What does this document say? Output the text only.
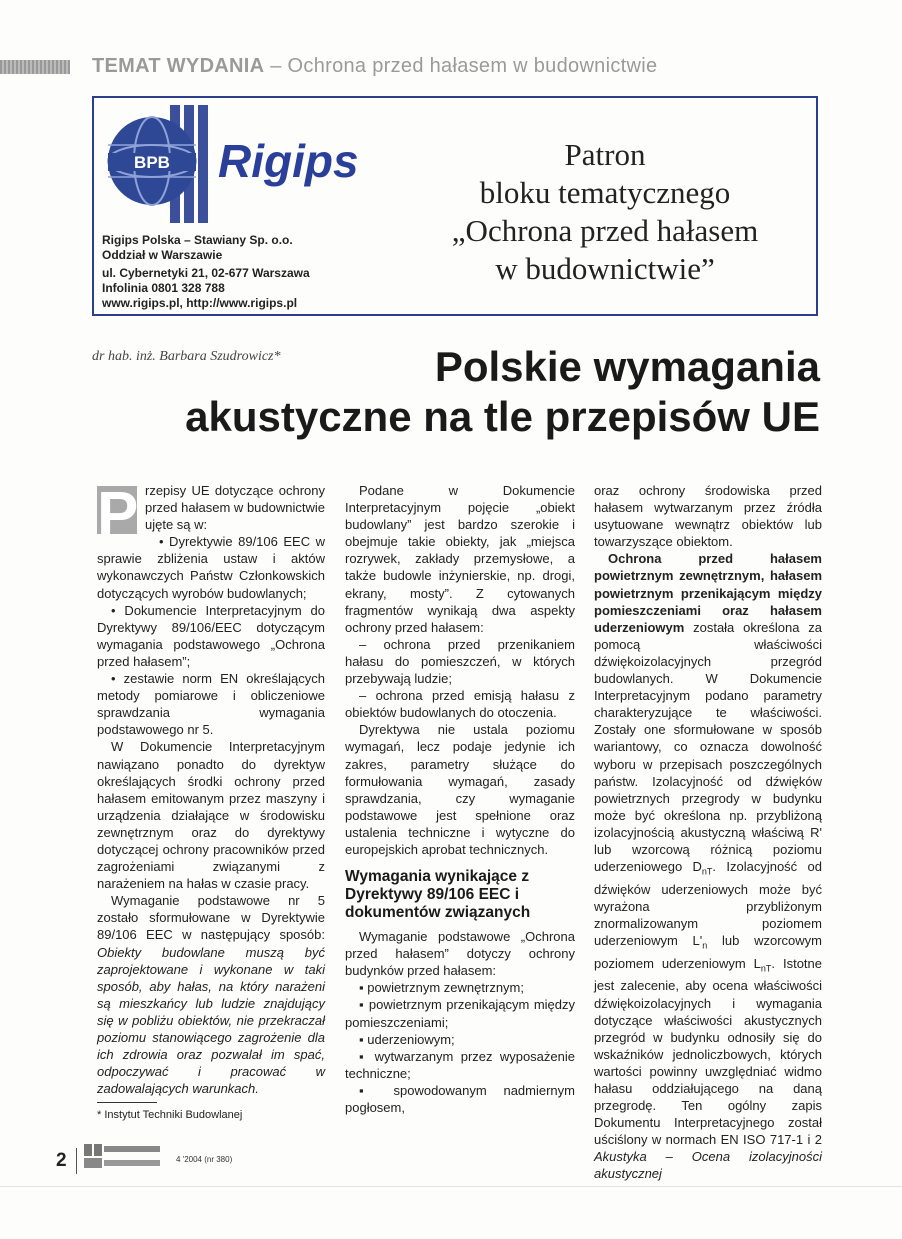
TEMAT WYDANIA – Ochrona przed hałasem w budownictwie
BPB Rigips
Rigips Polska – Stawiany Sp. o.o.
Oddział w Warszawie
ul. Cybernetyki 21, 02-677 Warszawa
Infolinia 0801 328 788
www.rigips.pl, http://www.rigips.pl
Patron
bloku tematycznego
„Ochrona przed hałasem
w budownictwie”
dr hab. inż. Barbara Szudrowicz*	Polskie wymagania
akustyczne na tle przepisów UE
P rzepisy UE dotyczące ochrony przed hałasem w budownictwie ujęte są w:

• Dyrektywie 89/106 EEC w sprawie zbliżenia ustaw i aktów wykonawczych Państw Członkowskich dotyczących wyrobów budowlanych;

• Dokumencie Interpretacyjnym do Dyrektywy 89/106/EEC dotyczącym wymagania podstawowego „Ochrona przed hałasem”;

• zestawie norm EN określających metody pomiarowe i obliczeniowe sprawdzania wymagania podstawowego nr 5.

W Dokumencie Interpretacyjnym nawiązano ponadto do dyrektyw określających środki ochrony przed hałasem emitowanym przez maszyny i urządzenia działające w środowisku zewnętrznym oraz do dyrektywy dotyczącej ochrony pracowników przed zagrożeniami związanymi z narażeniem na hałas w czasie pracy.

Wymaganie podstawowe nr 5 zostało sformułowane w Dyrektywie 89/106 EEC w następujący sposób: Obiekty budowlane muszą być zaprojektowane i wykonane w taki sposób, aby hałas, na który narażeni są mieszkańcy lub ludzie znajdujący się w pobliżu obiektów, nie przekraczał poziomu stanowiącego zagrożenie dla ich zdrowia oraz pozwalał im spać, odpoczywać i pracować w zadowalających warunkach.

Podane w Dokumencie Interpretacyjnym pojęcie „obiekt budowlany” jest bardzo szerokie i obejmuje takie obiekty, jak „miejsca rozrywek, zakłady przemysłowe, a także budowle inżynierskie, np. drogi, ekrany, mosty”. Z cytowanych fragmentów wynikają dwa aspekty ochrony przed hałasem:

– ochrona przed przenikaniem hałasu do pomieszczeń, w których przebywają ludzie;

– ochrona przed emisją hałasu z obiektów budowlanych do otoczenia.

Dyrektywa nie ustala poziomu wymagań, lecz podaje jedynie ich zakres, parametry służące do formułowania wymagań, zasady sprawdzania, czy wymaganie podstawowe jest spełnione oraz ustalenia techniczne i wytyczne do europejskich aprobat technicznych.

Wymagania wynikające z Dyrektywy 89/106 EEC i dokumentów związanych

Wymaganie podstawowe „Ochrona przed hałasem” dotyczy ochrony budynków przed hałasem:

▪ powietrznym zewnętrznym;

▪ powietrznym przenikającym między pomieszczeniami;

▪ uderzeniowym;

▪ wytwarzanym przez wyposażenie techniczne;

▪ spowodowanym nadmiernym pogłosem,

oraz ochrony środowiska przed hałasem wytwarzanym przez źródła usytuowane wewnątrz obiektów lub towarzyszące obiektom.

Ochrona przed hałasem powietrznym zewnętrznym, hałasem powietrznym przenikającym między pomieszczeniami oraz hałasem uderzeniowym została określona za pomocą właściwości dźwiękoizolacyjnych przegród budowlanych. W Dokumencie Interpretacyjnym podano parametry charakteryzujące te właściwości. Zostały one sformułowane w sposób wariantowy, co oznacza dowolność wyboru w przepisach poszczególnych państw. Izolacyjność od dźwięków powietrznych przegrody w budynku może być określona np. przybliżoną izolacyjnością akustyczną właściwą R' lub wzorcową różnicą poziomu uderzeniowego $D_{nT}$. Izolacyjność od dźwięków uderzeniowych może być wyrażona przybliżonym znormalizowanym poziomem uderzeniowym $L'_n$ lub wzorcowym poziomem uderzeniowym $L_{nT}$. Istotne jest zalecenie, aby ocena właściwości dźwiękoizolacyjnych i wymagania dotyczące właściwości akustycznych przegród w budynku odnosiły się do wskaźników jednoliczbowych, których wartości powinny uwzględniać widmo hałasu oddziałującego na daną przegrodę. Ten ogólny zapis Dokumentu Interpretacyjnego został uściślony w normach EN ISO 717-1 i 2 Akustyka – Ocena izolacyjności akustycznej

* Instytut Techniki Budowlanej
2	4 '2004 (nr 380)
